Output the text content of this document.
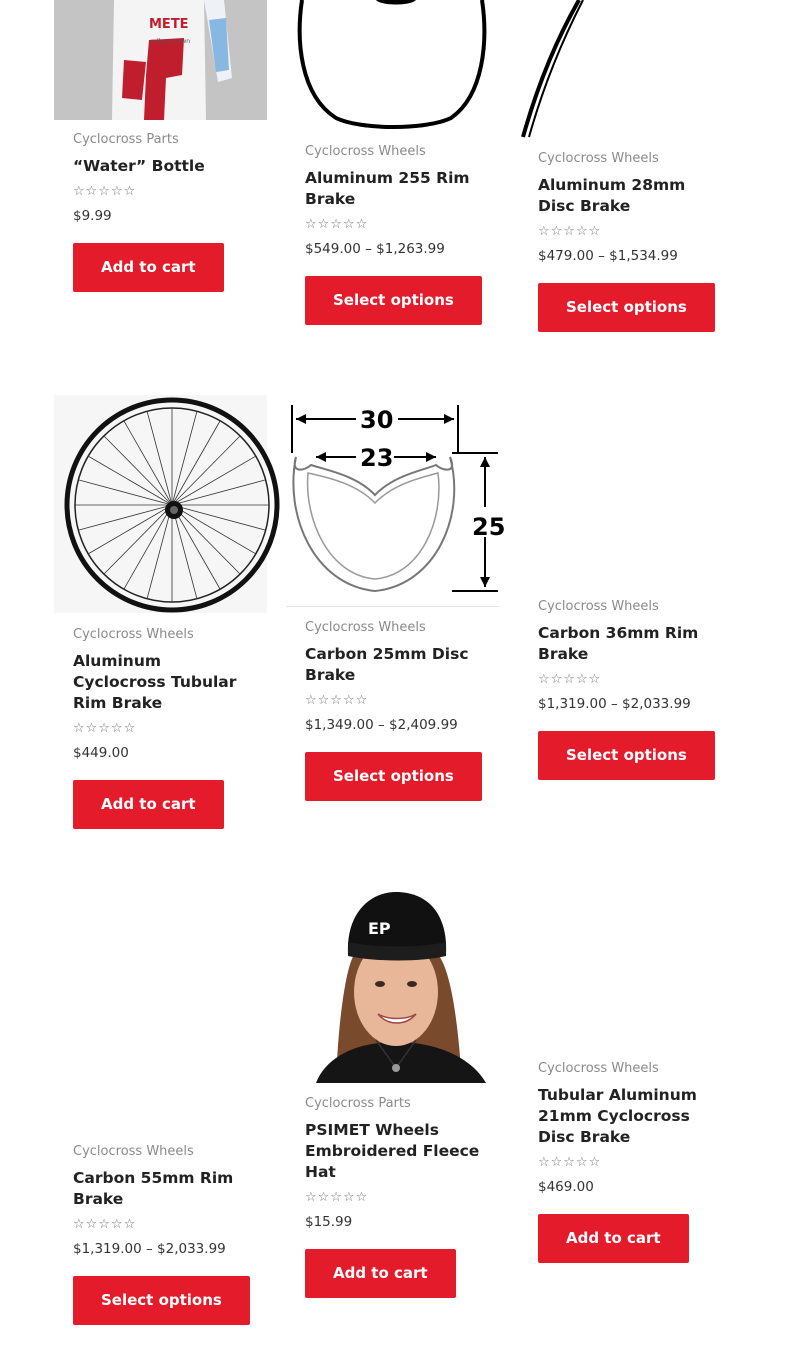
METE
roll your own
Cyclocross Parts
“Water” Bottle
☆☆☆☆☆
$9.99
Add to cart
Cyclocross Wheels
Aluminum 255 Rim Brake
☆☆☆☆☆
$549.00 – $1,263.99
Select options
Cyclocross Wheels
Aluminum 28mm Disc Brake
☆☆☆☆☆
$479.00 – $1,534.99
Select options
Cyclocross Wheels
Aluminum Cyclocross Tubular Rim Brake
☆☆☆☆☆
$449.00
Add to cart
30
23
25
Cyclocross Wheels
Carbon 25mm Disc Brake
☆☆☆☆☆
$1,349.00 – $2,409.99
Select options
Cyclocross Wheels
Carbon 36mm Rim Brake
☆☆☆☆☆
$1,319.00 – $2,033.99
Select options
Cyclocross Wheels
Carbon 55mm Rim Brake
☆☆☆☆☆
$1,319.00 – $2,033.99
Select options
EP
Cyclocross Parts
PSIMET Wheels Embroidered Fleece Hat
☆☆☆☆☆
$15.99
Add to cart
Cyclocross Wheels
Tubular Aluminum 21mm Cyclocross Disc Brake
☆☆☆☆☆
$469.00
Add to cart
